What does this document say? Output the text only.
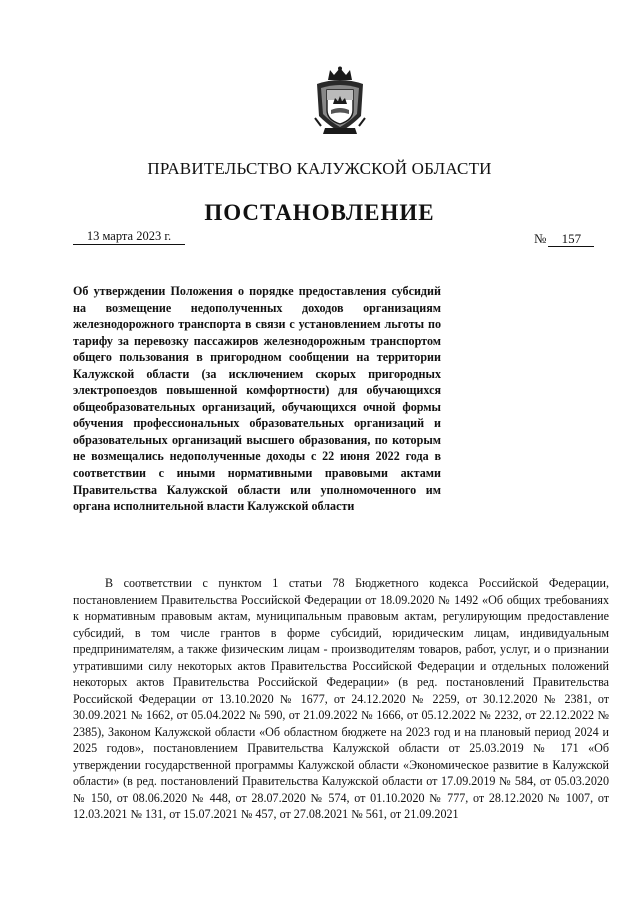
ПРАВИТЕЛЬСТВО КАЛУЖСКОЙ ОБЛАСТИ
ПОСТАНОВЛЕНИЕ
13 марта 2023 г.	№ 157
Об утверждении Положения о порядке предоставления субсидий на возмещение недополученных доходов организациям железнодорожного транспорта в связи с установлением льготы по тарифу за перевозку пассажиров железнодорожным транспортом общего пользования в пригородном сообщении на территории Калужской области (за исключением скорых пригородных электропоездов повышенной комфортности) для обучающихся общеобразовательных организаций, обучающихся очной формы обучения профессиональных образовательных организаций и образовательных организаций высшего образования, по которым не возмещались недополученные доходы с 22 июня 2022 года в соответствии с иными нормативными правовыми актами Правительства Калужской области или уполномоченного им органа исполнительной власти Калужской области
В соответствии с пунктом 1 статьи 78 Бюджетного кодекса Российской Федерации, постановлением Правительства Российской Федерации от 18.09.2020 № 1492 «Об общих требованиях к нормативным правовым актам, муниципальным правовым актам, регулирующим предоставление субсидий, в том числе грантов в форме субсидий, юридическим лицам, индивидуальным предпринимателям, а также физическим лицам - производителям товаров, работ, услуг, и о признании утратившими силу некоторых актов Правительства Российской Федерации и отдельных положений некоторых актов Правительства Российской Федерации» (в ред. постановлений Правительства Российской Федерации от 13.10.2020 № 1677, от 24.12.2020 № 2259, от 30.12.2020 № 2381, от 30.09.2021 № 1662, от 05.04.2022 № 590, от 21.09.2022 № 1666, от 05.12.2022 № 2232, от 22.12.2022 № 2385), Законом Калужской области «Об областном бюджете на 2023 год и на плановый период 2024 и 2025 годов», постановлением Правительства Калужской области от 25.03.2019 № 171 «Об утверждении государственной программы Калужской области «Экономическое развитие в Калужской области» (в ред. постановлений Правительства Калужской области от 17.09.2019 № 584, от 05.03.2020 № 150, от 08.06.2020 № 448, от 28.07.2020 № 574, от 01.10.2020 № 777, от 28.12.2020 № 1007, от 12.03.2021 № 131, от 15.07.2021 № 457, от 27.08.2021 № 561, от 21.09.2021
